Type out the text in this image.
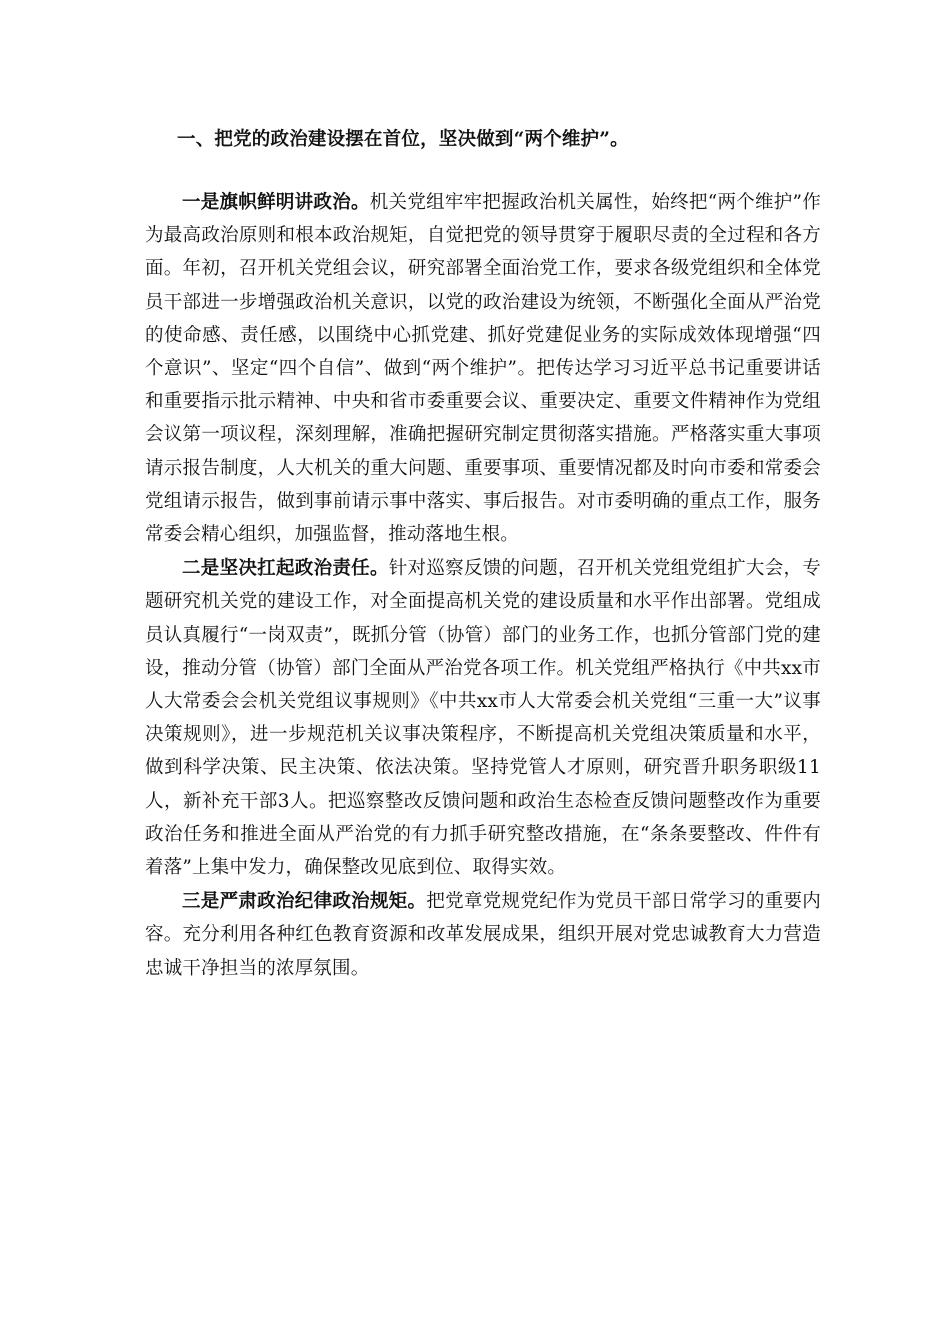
一、把党的政治建设摆在首位，坚决做到“两个维护”。

一是旗帜鲜明讲政治。机关党组牢牢把握政治机关属性，始终把“两个维护”作为最高政治原则和根本政治规矩，自觉把党的领导贯穿于履职尽责的全过程和各方面。年初，召开机关党组会议，研究部署全面治党工作，要求各级党组织和全体党员干部进一步增强政治机关意识，以党的政治建设为统领，不断强化全面从严治党的使命感、责任感，以围绕中心抓党建、抓好党建促业务的实际成效体现增强“四个意识”、坚定“四个自信”、做到“两个维护”。把传达学习习近平总书记重要讲话和重要指示批示精神、中央和省市委重要会议、重要决定、重要文件精神作为党组会议第一项议程，深刻理解，准确把握研究制定贯彻落实措施。严格落实重大事项请示报告制度，人大机关的重大问题、重要事项、重要情况都及时向市委和常委会党组请示报告，做到事前请示事中落实、事后报告。对市委明确的重点工作，服务常委会精心组织，加强监督，推动落地生根。

二是坚决扛起政治责任。针对巡察反馈的问题，召开机关党组党组扩大会，专题研究机关党的建设工作，对全面提高机关党的建设质量和水平作出部署。党组成员认真履行“一岗双责”，既抓分管（协管）部门的业务工作，也抓分管部门党的建设，推动分管（协管）部门全面从严治党各项工作。机关党组严格执行《中共xx市人大常委会会机关党组议事规则》《中共xx市人大常委会机关党组“三重一大”议事决策规则》，进一步规范机关议事决策程序，不断提高机关党组决策质量和水平，做到科学决策、民主决策、依法决策。坚持党管人才原则，研究晋升职务职级11人，新补充干部3人。把巡察整改反馈问题和政治生态检查反馈问题整改作为重要政治任务和推进全面从严治党的有力抓手研究整改措施，在“条条要整改、件件有着落”上集中发力，确保整改见底到位、取得实效。

三是严肃政治纪律政治规矩。把党章党规党纪作为党员干部日常学习的重要内容。充分利用各种红色教育资源和改革发展成果，组织开展对党忠诚教育大力营造忠诚干净担当的浓厚氛围。
